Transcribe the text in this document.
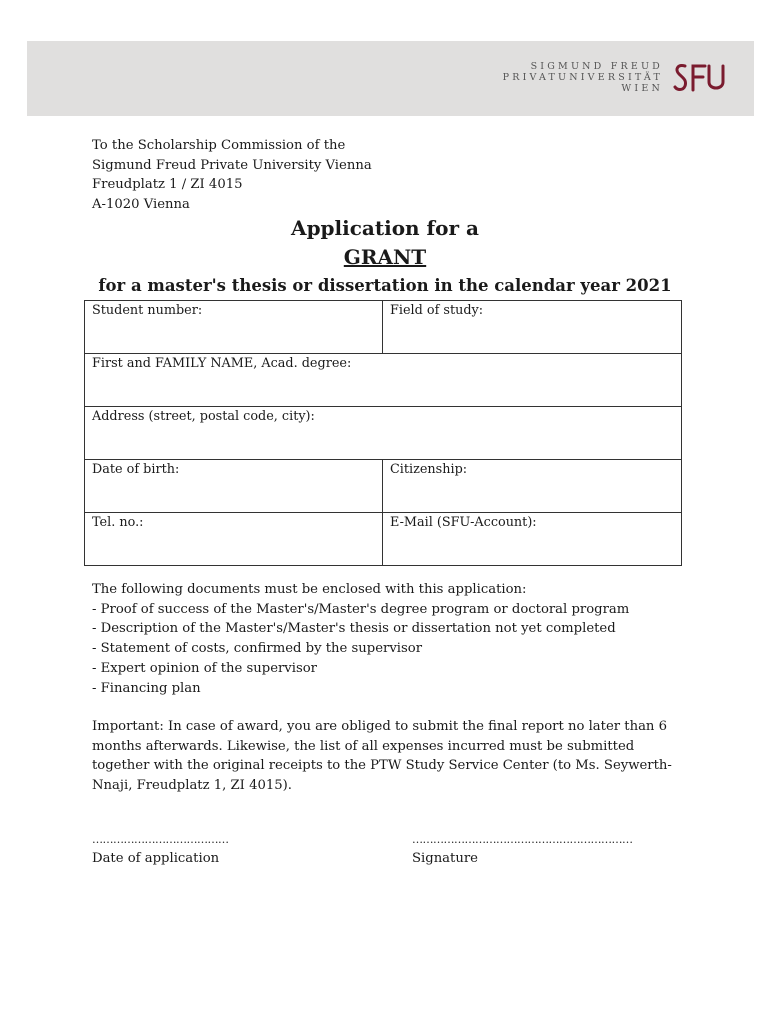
SIGMUND FREUD
PRIVATUNIVERSITÄT
WIEN
To the Scholarship Commission of the
Sigmund Freud Private University Vienna
Freudplatz 1 / ZI 4015
A-1020 Vienna
Application for a
GRANT
for a master's thesis or dissertation in the calendar year 2021
Student number:	Field of study:
First and FAMILY NAME, Acad. degree:	
Address (street, postal code, city):	
Date of birth:	Citizenship:
Tel. no.:	E-Mail (SFU-Account):

The following documents must be enclosed with this application:

- Proof of success of the Master's/Master's degree program or doctoral program

- Description of the Master's/Master's thesis or dissertation not yet completed

- Statement of costs, confirmed by the supervisor

- Expert opinion of the supervisor

- Financing plan

Important: In case of award, you are obliged to submit the final report no later than 6 months afterwards. Likewise, the list of all expenses incurred must be submitted together with the original receipts to the PTW Study Service Center (to Ms. Seywerth-Nnaji, Freudplatz 1, ZI 4015).

…………………………………
Date of application
………………………………………………………
Signature
